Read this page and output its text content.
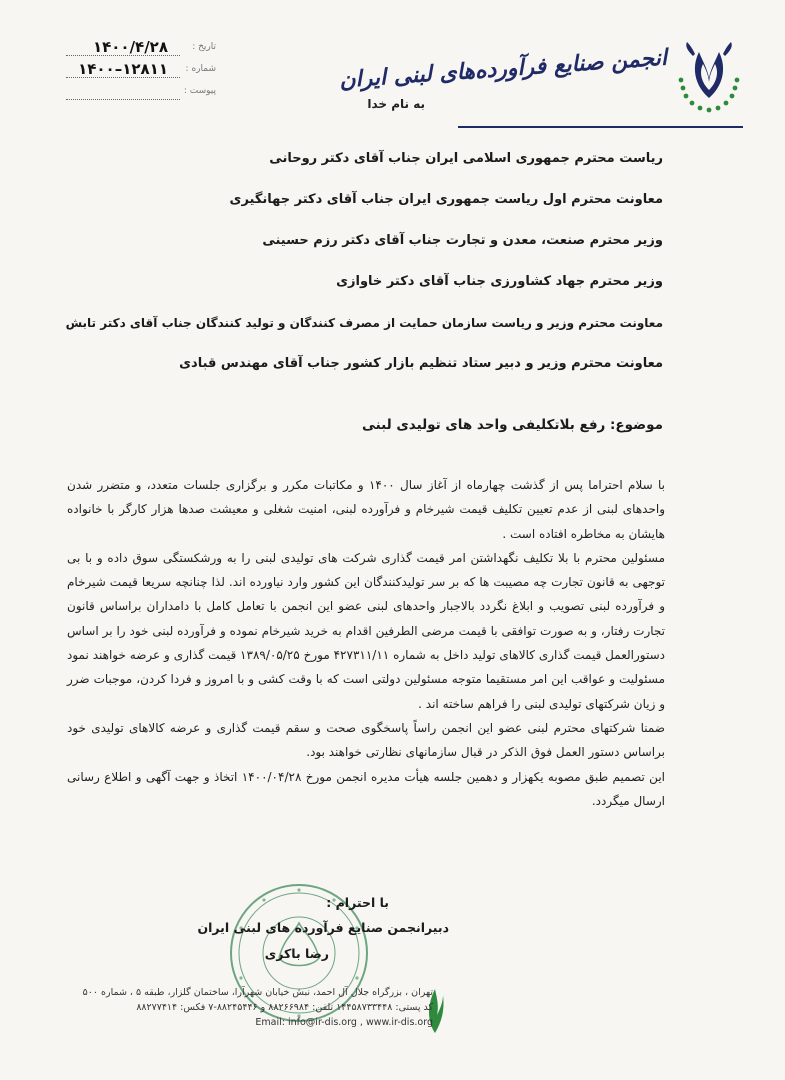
تاریخ :
۱۴۰۰/۴/۲۸
شماره :
۱۴۰۰–۱۲۸۱۱
پیوست :	انجمن صنایع فرآورده‌های لبنی ایران
به نام خدا
ریاست محترم جمهوری اسلامی ایران جناب آقای دکتر روحانی
معاونت محترم اول ریاست جمهوری ایران جناب آقای دکتر جهانگیری
وزیر محترم صنعت، معدن و تجارت جناب آقای دکتر رزم حسینی
وزیر محترم جهاد کشاورزی جناب آقای دکتر خاوازی
معاونت محترم وزیر و ریاست سازمان حمایت از مصرف کنندگان و تولید کنندگان جناب آقای دکتر تابش
معاونت محترم وزیر و دبیر ستاد تنظیم بازار کشور جناب آقای مهندس قبادی
موضوع: رفع بلاتکلیفی واحد های تولیدی لبنی

با سلام احتراما پس از گذشت چهارماه از آغاز سال ۱۴۰۰ و مکاتبات مکرر و برگزاری جلسات متعدد، و متضرر شدن واحدهای لبنی از عدم تعیین تکلیف قیمت شیرخام و فرآورده لبنی، امنیت شغلی و معیشت صدها هزار کارگر با خانواده هایشان به مخاطره افتاده است .

مسئولین محترم با بلا تکلیف نگهداشتن امر قیمت گذاری شرکت های تولیدی لبنی را به ورشکستگی سوق داده و با بی توجهی به قانون تجارت چه مصیبت ها که بر سر تولیدکنندگان این کشور وارد نیاورده اند. لذا چنانچه سریعا قیمت شیرخام و فرآورده لبنی تصویب و ابلاغ نگردد بالاجبار واحدهای لبنی عضو این انجمن با تعامل کامل با دامداران براساس قانون تجارت رفتار، و به صورت توافقی با قیمت مرضی الطرفین اقدام به خرید شیرخام نموده و فرآورده لبنی خود را بر اساس دستورالعمل قیمت گذاری کالاهای تولید داخل به شماره ۴۲۷۳۱۱/۱۱ مورخ ۱۳۸۹/۰۵/۲۵ قیمت گذاری و عرضه خواهند نمود مسئولیت و عواقب این امر مستقیما متوجه مسئولین دولتی است که با وقت کشی و با امروز و فردا کردن، موجبات ضرر و زیان شرکتهای تولیدی لبنی را فراهم ساخته اند .

ضمنا شرکتهای محترم لبنی عضو این انجمن راساً پاسخگوی صحت و سقم قیمت گذاری و عرضه کالاهای تولیدی خود براساس دستور العمل فوق الذکر در قبال سازمانهای نظارتی خواهند بود.

این تصمیم طبق مصوبه یکهزار و دهمین جلسه هیأت مدیره انجمن مورخ ۱۴۰۰/۰۴/۲۸ اتخاذ و جهت آگهی و اطلاع رسانی ارسال میگردد.

با احترام :
دبیرانجمن صنایع فرآورده های لبنی ایران
رضا باکری
تهران ، بزرگراه جلال آل احمد، نبش خیابان شهرآرا، ساختمان گلزار، طبقه ۵ ، شماره ۵۰۰
کد پستی: ۱۴۴۵۸۷۳۳۴۴۸ تلفن: ۸۸۲۶۶۹۸۴ و ۸۸۲۴۵۴۴۶-۷ فکس: ۸۸۲۷۷۴۱۴
Email: info@ir-dis.org , www.ir-dis.org
